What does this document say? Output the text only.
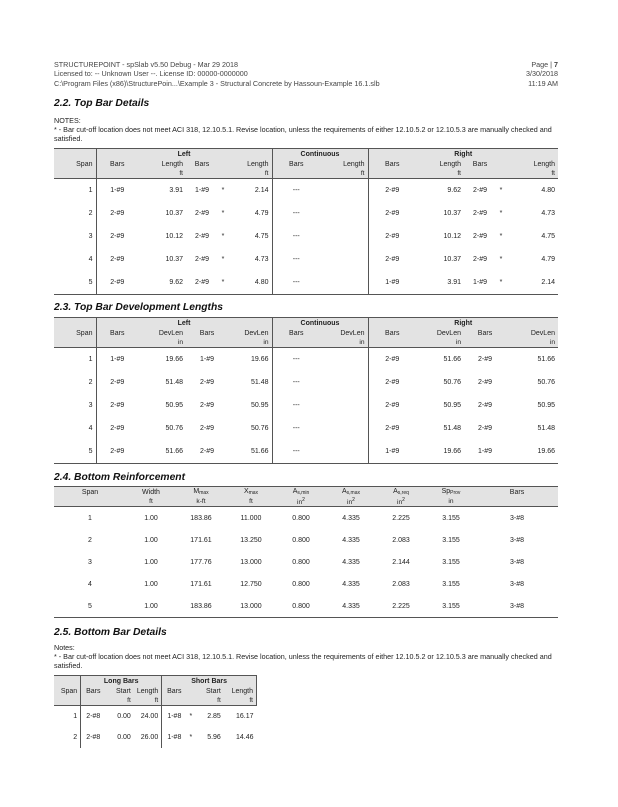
STRUCTUREPOINT - spSlab v5.50 Debug - Mar 29 2018
Licensed to: -- Unknown User --. License ID: 00000-0000000
C:\Program Files (x86)\StructurePoin...\Example 3 - Structural Concrete by Hassoun-Example 16.1.slb
Page | 7
3/30/2018
11:19 AM
2.2. Top Bar Details
NOTES:
* - Bar cut-off location does not meet ACI 318, 12.10.5.1. Revise location, unless the requirements of either 12.10.5.2 or 12.10.5.3 are manually checked and satisfied.
	Left					Continuous		Right				
Span	Bars	Length	Bars		Length	Bars	Length	Bars	Length	Bars		Length
		ft			ft		ft		ft			ft
1	1-#9	3.91	1-#9	*	2.14	---		2-#9	9.62	2-#9	*	4.80
2	2-#9	10.37	2-#9	*	4.79	---		2-#9	10.37	2-#9	*	4.73
3	2-#9	10.12	2-#9	*	4.75	---		2-#9	10.12	2-#9	*	4.75
4	2-#9	10.37	2-#9	*	4.73	---		2-#9	10.37	2-#9	*	4.79
5	2-#9	9.62	2-#9	*	4.80	---		1-#9	3.91	1-#9	*	2.14
2.3. Top Bar Development Lengths
	Left				Continuous		Right			
Span	Bars	DevLen	Bars	DevLen	Bars	DevLen	Bars	DevLen	Bars	DevLen
		in		in		in		in		in
1	1-#9	19.66	1-#9	19.66	---		2-#9	51.66	2-#9	51.66
2	2-#9	51.48	2-#9	51.48	---		2-#9	50.76	2-#9	50.76
3	2-#9	50.95	2-#9	50.95	---		2-#9	50.95	2-#9	50.95
4	2-#9	50.76	2-#9	50.76	---		2-#9	51.48	2-#9	51.48
5	2-#9	51.66	2-#9	51.66	---		1-#9	19.66	1-#9	19.66
2.4. Bottom Reinforcement
Span	Width	$M_{max}$	$X_{max}$	$A_{s,min}$	$A_{s,max}$	$A_{s,req}$	$Sp_{Prov}$	Bars
	ft	k-ft	ft	$in^2$	$in^2$	$in^2$	in	
1	1.00	183.86	11.000	0.800	4.335	2.225	3.155	3-#8
2	1.00	171.61	13.250	0.800	4.335	2.083	3.155	3-#8
3	1.00	177.76	13.000	0.800	4.335	2.144	3.155	3-#8
4	1.00	171.61	12.750	0.800	4.335	2.083	3.155	3-#8
5	1.00	183.86	13.000	0.800	4.335	2.225	3.155	3-#8
2.5. Bottom Bar Details
Notes:
* - Bar cut-off location does not meet ACI 318, 12.10.5.1. Revise location, unless the requirements of either 12.10.5.2 or 12.10.5.3 are manually checked and satisfied.
	Long Bars			Short Bars			
Span	Bars	Start	Length	Bars		Start	Length
		ft	ft			ft	ft
1	2-#8	0.00	24.00	1-#8	*	2.85	16.17
2	2-#8	0.00	26.00	1-#8	*	5.96	14.46
